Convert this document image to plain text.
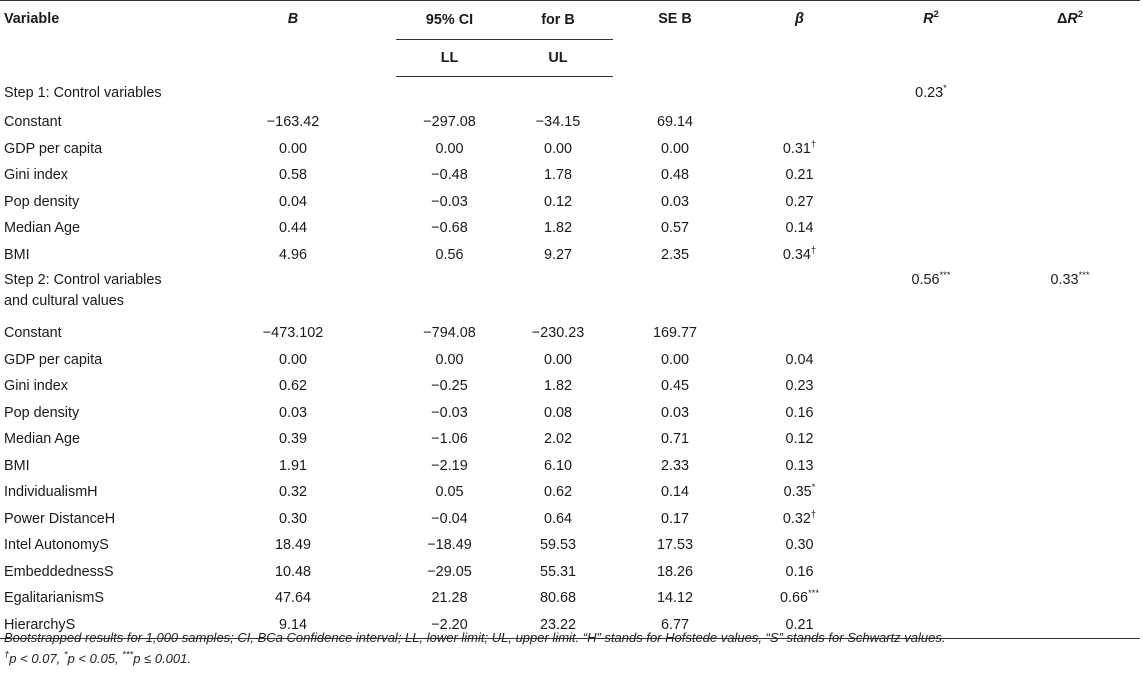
Variable	B	95% CI	for B	SE B	β	$R^2$	$\Delta R^2$
		LL	UL				
Step 1: Control variables						0.23*	
Constant	−163.42	−297.08	−34.15	69.14			
GDP per capita	0.00	0.00	0.00	0.00	0.31†		
Gini index	0.58	−0.48	1.78	0.48	0.21		
Pop density	0.04	−0.03	0.12	0.03	0.27		
Median Age	0.44	−0.68	1.82	0.57	0.14		
BMI	4.96	0.56	9.27	2.35	0.34†		
Step 2: Control variables
and cultural values						0.56***	0.33***
Constant	−473.102	−794.08	−230.23	169.77			
GDP per capita	0.00	0.00	0.00	0.00	0.04		
Gini index	0.62	−0.25	1.82	0.45	0.23		
Pop density	0.03	−0.03	0.08	0.03	0.16		
Median Age	0.39	−1.06	2.02	0.71	0.12		
BMI	1.91	−2.19	6.10	2.33	0.13		
IndividualismH	0.32	0.05	0.62	0.14	0.35*		
Power DistanceH	0.30	−0.04	0.64	0.17	0.32†		
Intel AutonomyS	18.49	−18.49	59.53	17.53	0.30		
EmbeddednessS	10.48	−29.05	55.31	18.26	0.16		
EgalitarianismS	47.64	21.28	80.68	14.12	0.66***		
HierarchyS	9.14	−2.20	23.22	6.77	0.21		
Bootstrapped results for 1,000 samples; CI, BCa Confidence interval; LL, lower limit; UL, upper limit. “H” stands for Hofstede values, “S” stands for Schwartz values.
†p < 0.07, *p < 0.05, ***p ≤ 0.001.
